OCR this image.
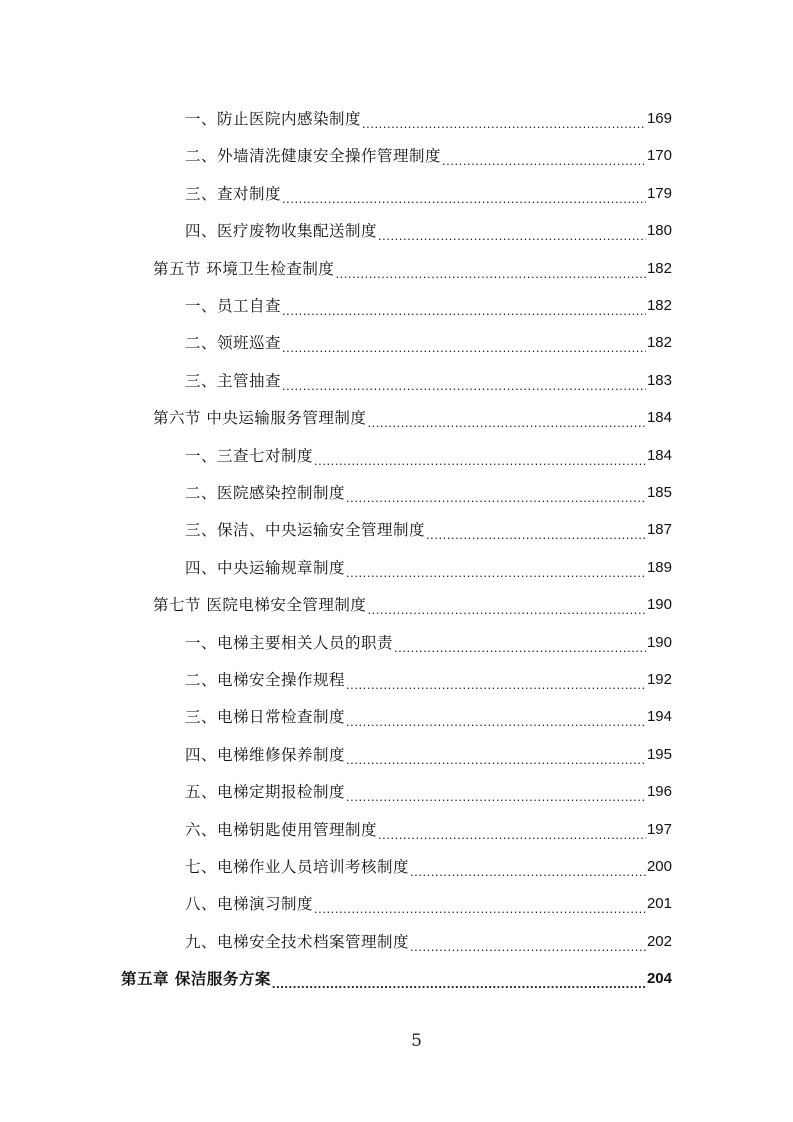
一、防止医院内感染制度 .....	169
二、外墙清洗健康安全操作管理制度 .....	170
三、查对制度 .....	179
四、医疗废物收集配送制度 .....	180
第五节 环境卫生检查制度 .....	182
一、员工自查 .....	182
二、领班巡查 .....	182
三、主管抽查 .....	183
第六节 中央运输服务管理制度 .....	184
一、三查七对制度 .....	184
二、医院感染控制制度 .....	185
三、保洁、中央运输安全管理制度 .....	187
四、中央运输规章制度 .....	189
第七节 医院电梯安全管理制度 .....	190
一、电梯主要相关人员的职责 .....	190
二、电梯安全操作规程 .....	192
三、电梯日常检查制度 .....	194
四、电梯维修保养制度 .....	195
五、电梯定期报检制度 .....	196
六、电梯钥匙使用管理制度 .....	197
七、电梯作业人员培训考核制度 .....	200
八、电梯演习制度 .....	201
九、电梯安全技术档案管理制度 .....	202
第五章 保洁服务方案 .....	204
5
